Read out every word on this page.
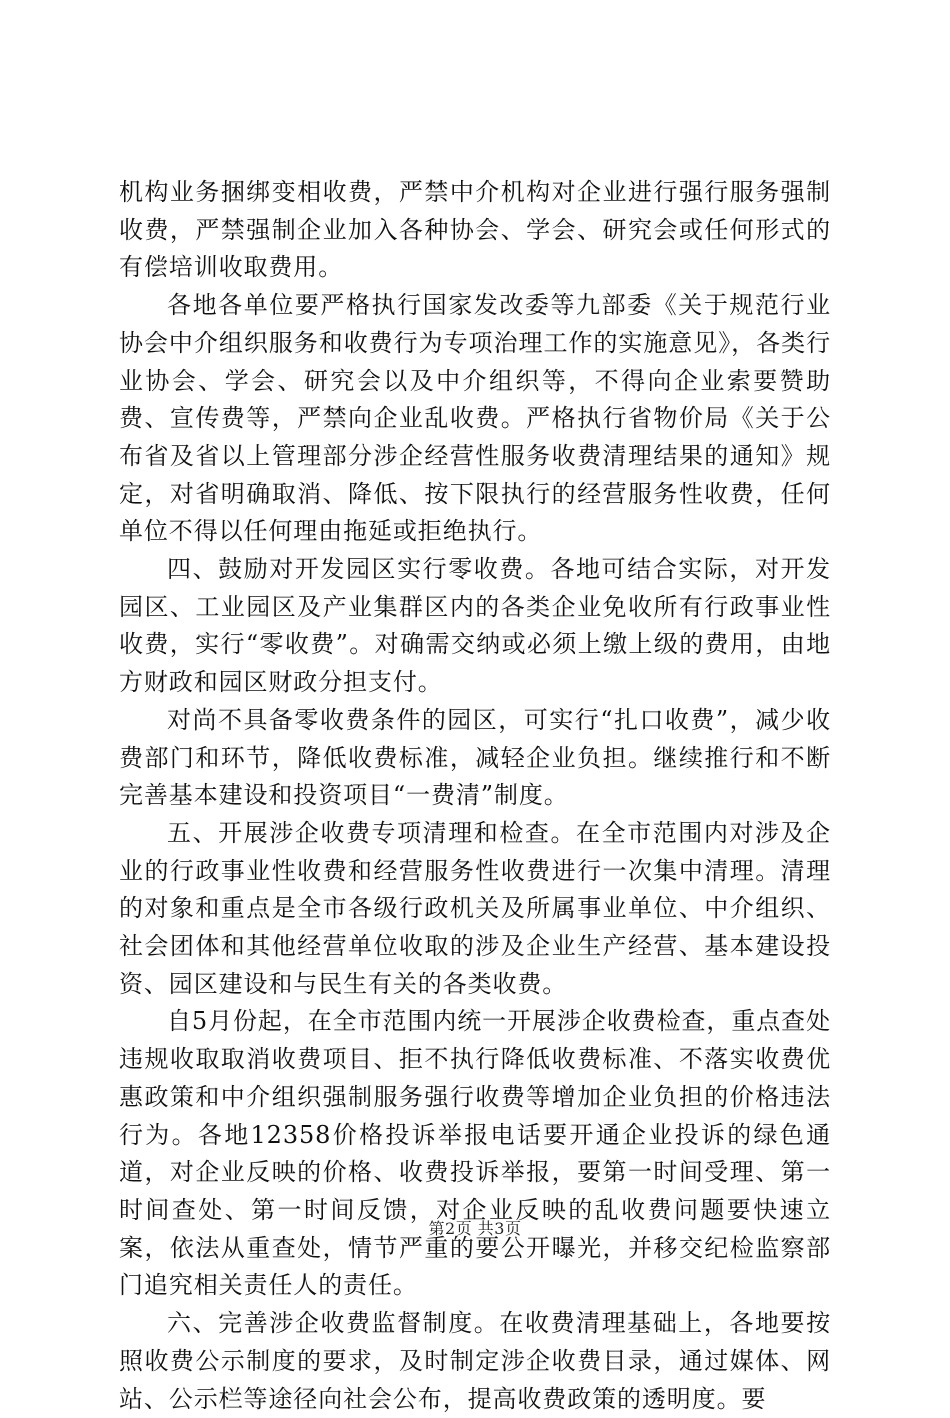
机构业务捆绑变相收费，严禁中介机构对企业进行强行服务强制收费，严禁强制企业加入各种协会、学会、研究会或任何形式的有偿培训收取费用。

各地各单位要严格执行国家发改委等九部委《关于规范行业协会中介组织服务和收费行为专项治理工作的实施意见》，各类行业协会、学会、研究会以及中介组织等，不得向企业索要赞助费、宣传费等，严禁向企业乱收费。严格执行省物价局《关于公布省及省以上管理部分涉企经营性服务收费清理结果的通知》规定，对省明确取消、降低、按下限执行的经营服务性收费，任何单位不得以任何理由拖延或拒绝执行。

四、鼓励对开发园区实行零收费。各地可结合实际，对开发园区、工业园区及产业集群区内的各类企业免收所有行政事业性收费，实行“零收费”。对确需交纳或必须上缴上级的费用，由地方财政和园区财政分担支付。

对尚不具备零收费条件的园区，可实行“扎口收费”，减少收费部门和环节，降低收费标准，减轻企业负担。继续推行和不断完善基本建设和投资项目“一费清”制度。

五、开展涉企收费专项清理和检查。在全市范围内对涉及企业的行政事业性收费和经营服务性收费进行一次集中清理。清理的对象和重点是全市各级行政机关及所属事业单位、中介组织、社会团体和其他经营单位收取的涉及企业生产经营、基本建设投资、园区建设和与民生有关的各类收费。

自5月份起，在全市范围内统一开展涉企收费检查，重点查处违规收取取消收费项目、拒不执行降低收费标准、不落实收费优惠政策和中介组织强制服务强行收费等增加企业负担的价格违法行为。各地12358价格投诉举报电话要开通企业投诉的绿色通道，对企业反映的价格、收费投诉举报，要第一时间受理、第一时间查处、第一时间反馈，对企业反映的乱收费问题要快速立案，依法从重查处，情节严重的要公开曝光，并移交纪检监察部门追究相关责任人的责任。

六、完善涉企收费监督制度。在收费清理基础上，各地要按照收费公示制度的要求，及时制定涉企收费目录，通过媒体、网站、公示栏等途径向社会公布，提高收费政策的透明度。要

第2页 共3页
